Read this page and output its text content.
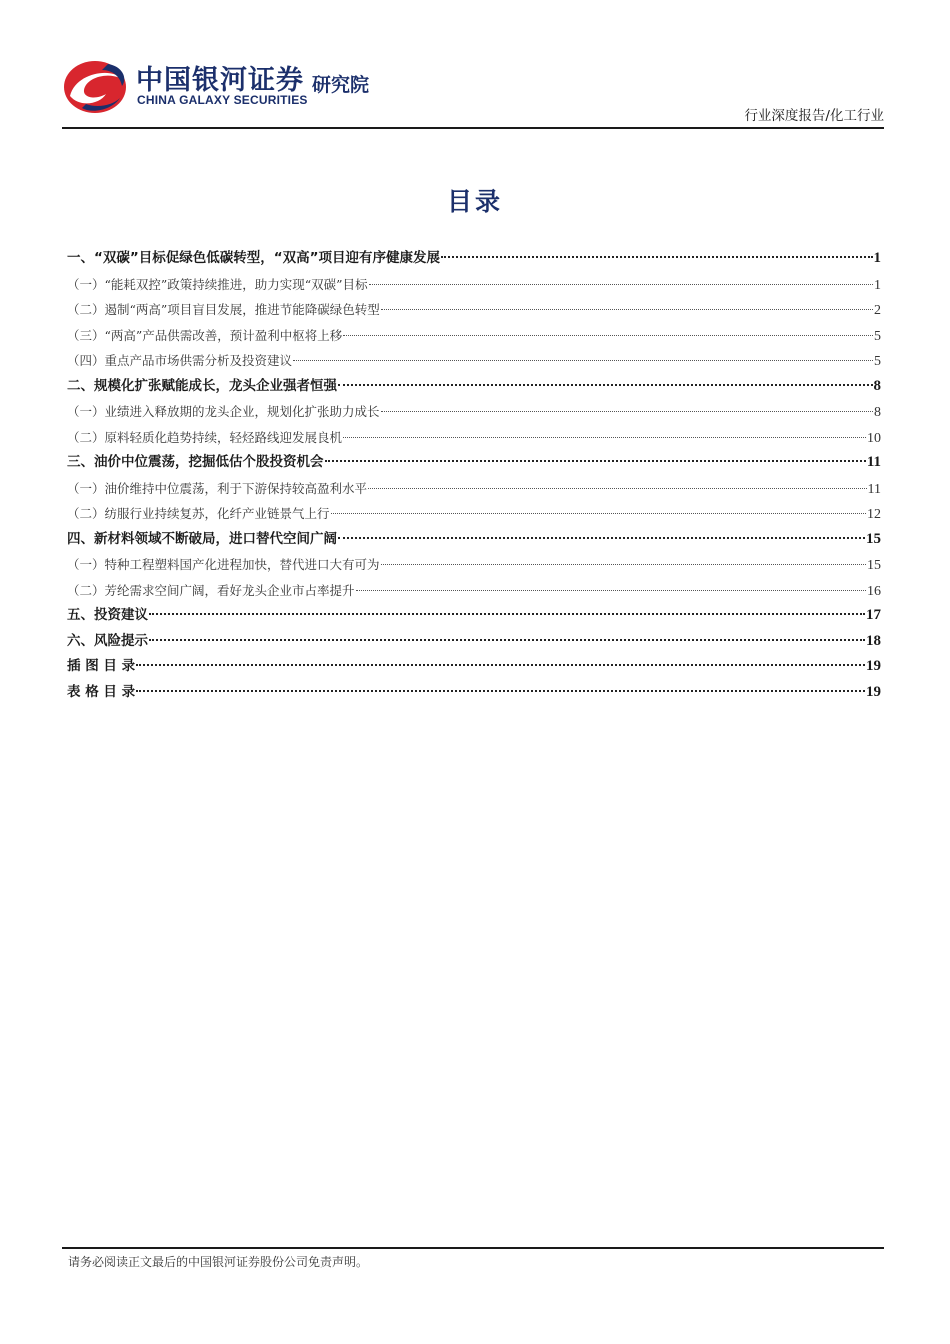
中国银河证券
CHINA GALAXY SECURITIES
研究院
行业深度报告/化工行业
目录
一、“双碳”目标促绿色低碳转型，“双高”项目迎有序健康发展	1
（一）“能耗双控”政策持续推进，助力实现“双碳”目标	1
（二）遏制“两高”项目盲目发展，推进节能降碳绿色转型	2
（三）“两高”产品供需改善，预计盈利中枢将上移	5
（四）重点产品市场供需分析及投资建议	5
二、规模化扩张赋能成长，龙头企业强者恒强	8
（一）业绩进入释放期的龙头企业，规划化扩张助力成长	8
（二）原料轻质化趋势持续，轻烃路线迎发展良机	10
三、油价中位震荡，挖掘低估个股投资机会	11
（一）油价维持中位震荡，利于下游保持较高盈利水平	11
（二）纺服行业持续复苏，化纤产业链景气上行	12
四、新材料领域不断破局，进口替代空间广阔	15
（一）特种工程塑料国产化进程加快，替代进口大有可为	15
（二）芳纶需求空间广阔，看好龙头企业市占率提升	16
五、投资建议	17
六、风险提示	18
插 图 目 录	19
表 格 目 录	19
请务必阅读正文最后的中国银河证券股份公司免责声明。
